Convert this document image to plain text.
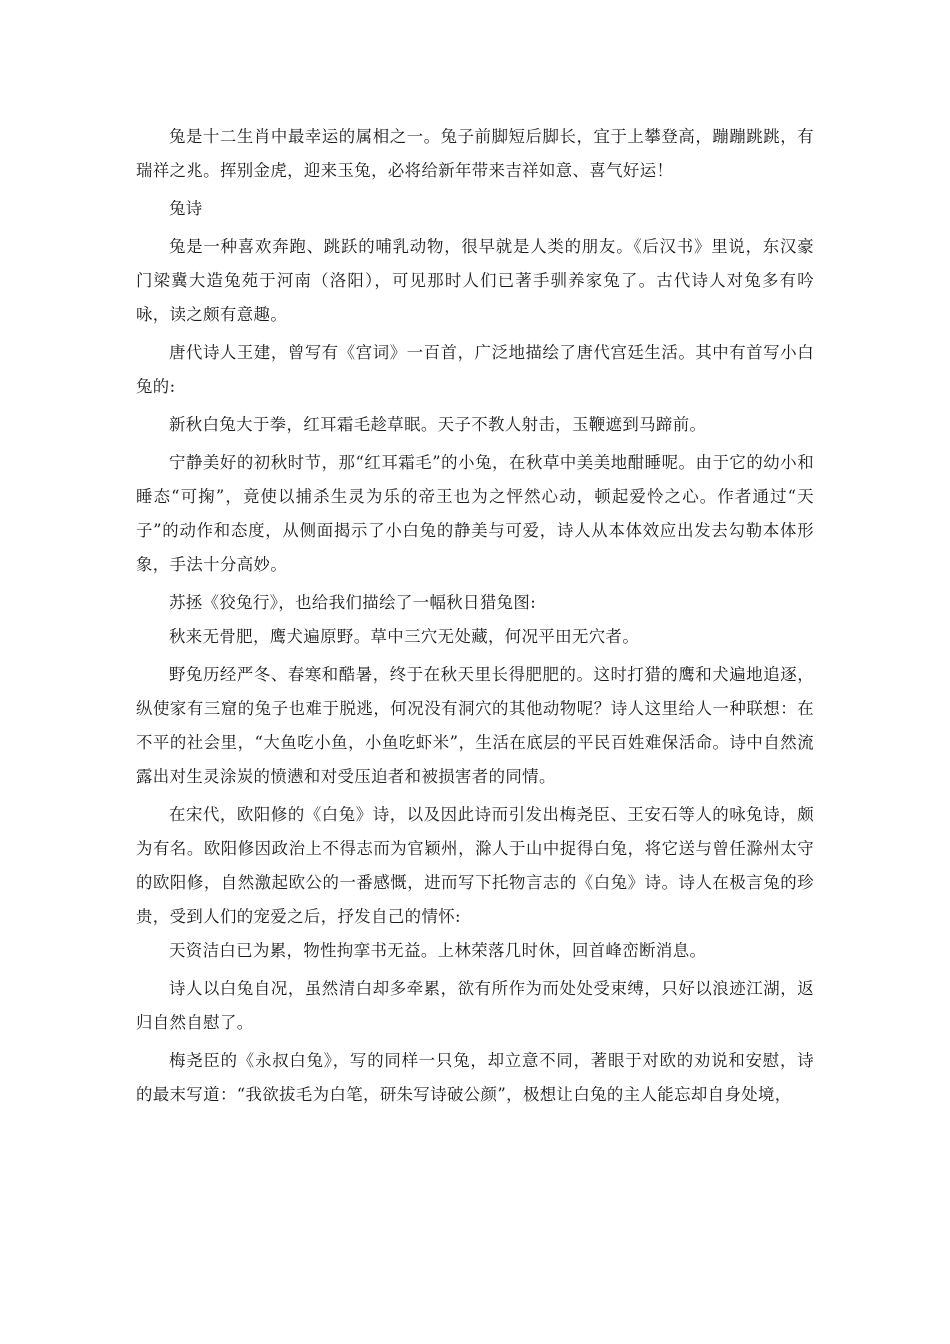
兔是十二生肖中最幸运的属相之一。兔子前脚短后脚长，宜于上攀登高，蹦蹦跳跳，有瑞祥之兆。挥别金虎，迎来玉兔，必将给新年带来吉祥如意、喜气好运！

兔诗

兔是一种喜欢奔跑、跳跃的哺乳动物，很早就是人类的朋友。《后汉书》里说，东汉豪门梁冀大造兔苑于河南（洛阳），可见那时人们已著手驯养家兔了。古代诗人对兔多有吟咏，读之颇有意趣。

唐代诗人王建，曾写有《宫词》一百首，广泛地描绘了唐代宫廷生活。其中有首写小白兔的:

新秋白兔大于拳，红耳霜毛趁草眠。天子不教人射击，玉鞭遮到马蹄前。

宁静美好的初秋时节，那“红耳霜毛”的小兔，在秋草中美美地酣睡呢。由于它的幼小和睡态“可掬”，竟使以捕杀生灵为乐的帝王也为之怦然心动，顿起爱怜之心。作者通过“天子”的动作和态度，从侧面揭示了小白兔的静美与可爱，诗人从本体效应出发去勾勒本体形象，手法十分高妙。

苏拯《狡兔行》，也给我们描绘了一幅秋日猎兔图:

秋来无骨肥，鹰犬遍原野。草中三穴无处藏，何况平田无穴者。

野兔历经严冬、春寒和酷暑，终于在秋天里长得肥肥的。这时打猎的鹰和犬遍地追逐，纵使家有三窟的兔子也难于脱逃，何况没有洞穴的其他动物呢？诗人这里给人一种联想：在不平的社会里，“大鱼吃小鱼，小鱼吃虾米”，生活在底层的平民百姓难保活命。诗中自然流露出对生灵涂炭的愤懑和对受压迫者和被损害者的同情。

在宋代，欧阳修的《白兔》诗，以及因此诗而引发出梅尧臣、王安石等人的咏兔诗，颇为有名。欧阳修因政治上不得志而为官颖州，滁人于山中捉得白兔，将它送与曾任滁州太守的欧阳修，自然激起欧公的一番感慨，进而写下托物言志的《白兔》诗。诗人在极言兔的珍贵，受到人们的宠爱之后，抒发自己的情怀:

天资洁白已为累，物性拘挛书无益。上林荣落几时休，回首峰峦断消息。

诗人以白兔自况，虽然清白却多牵累，欲有所作为而处处受束缚，只好以浪迹江湖，返归自然自慰了。

梅尧臣的《永叔白兔》，写的同样一只兔，却立意不同，著眼于对欧的劝说和安慰，诗的最末写道：“我欲拔毛为白笔，研朱写诗破公颜”，极想让白兔的主人能忘却自身处境，
